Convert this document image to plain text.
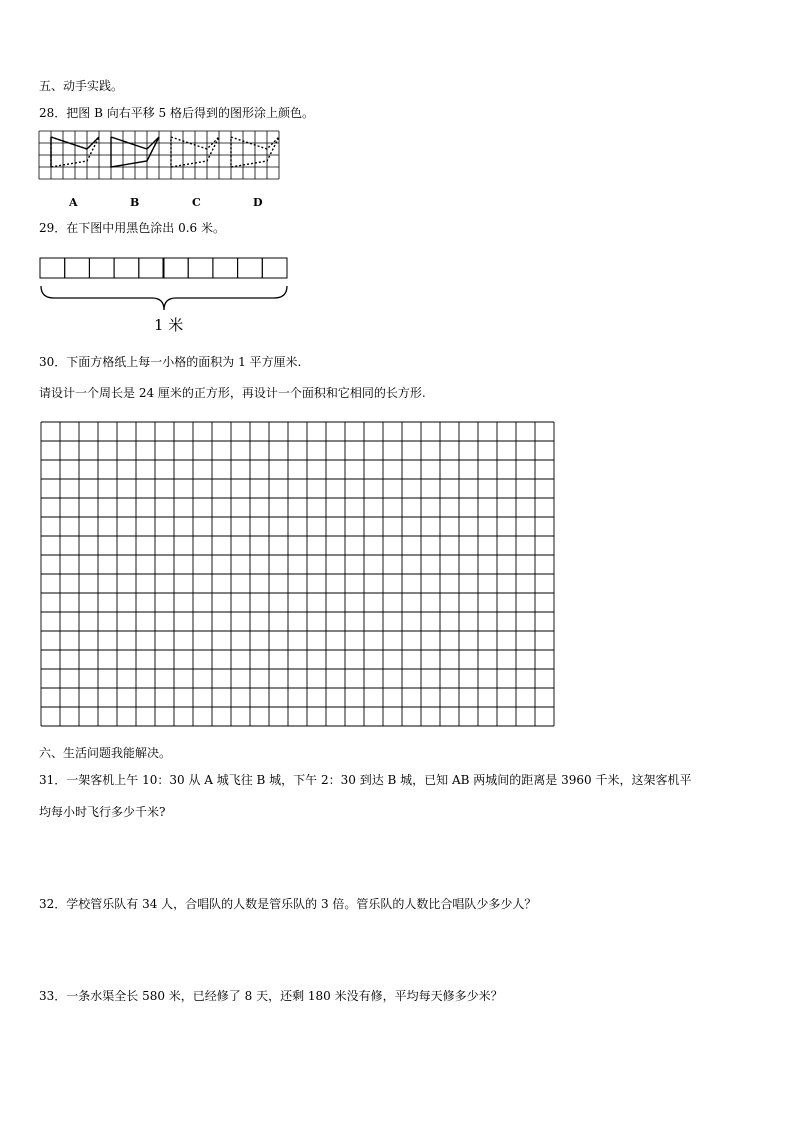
五、动手实践。
28．把图 B 向右平移 5 格后得到的图形涂上颜色。
A	B	C	D
29．在下图中用黑色涂出 0.6 米。
1 米
30．下面方格纸上每一小格的面积为 1 平方厘米.
请设计一个周长是 24 厘米的正方形，再设计一个面积和它相同的长方形.
六、生活问题我能解决。
31．一架客机上午 10：30 从 A 城飞往 B 城，下午 2：30 到达 B 城，已知 AB 两城间的距离是 3960 千米，这架客机平
均每小时飞行多少千米?
32．学校管乐队有 34 人，合唱队的人数是管乐队的 3 倍。管乐队的人数比合唱队少多少人？
33．一条水渠全长 580 米，已经修了 8 天，还剩 180 米没有修，平均每天修多少米？
